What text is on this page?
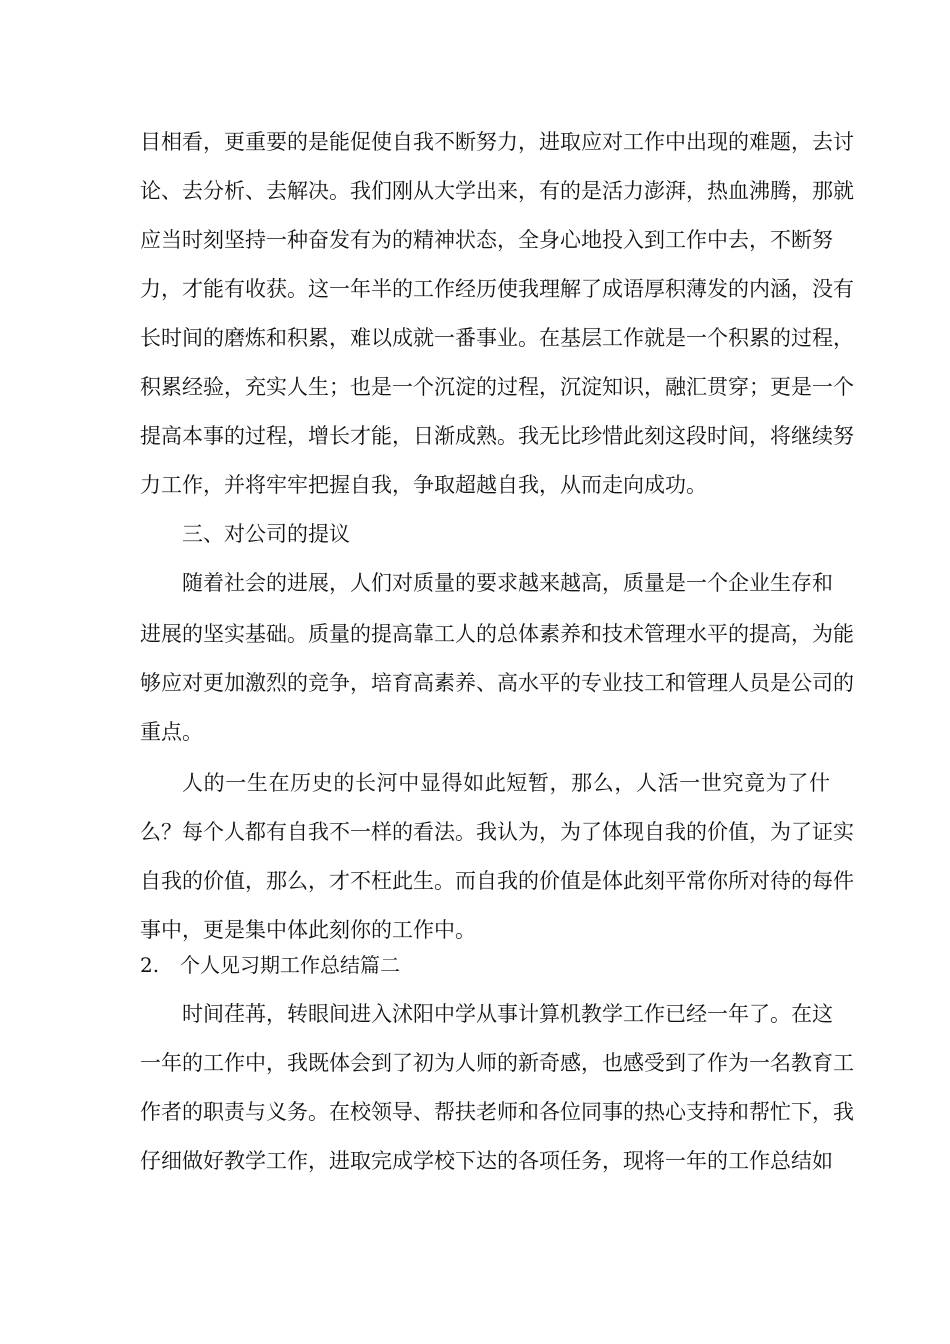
目相看，更重要的是能促使自我不断努力，进取应对工作中出现的难题，去讨
论、去分析、去解决。我们刚从大学出来，有的是活力澎湃，热血沸腾，那就
应当时刻坚持一种奋发有为的精神状态，全身心地投入到工作中去，不断努
力，才能有收获。这一年半的工作经历使我理解了成语厚积薄发的内涵，没有
长时间的磨炼和积累，难以成就一番事业。在基层工作就是一个积累的过程，
积累经验，充实人生；也是一个沉淀的过程，沉淀知识，融汇贯穿；更是一个
提高本事的过程，增长才能，日渐成熟。我无比珍惜此刻这段时间，将继续努
力工作，并将牢牢把握自我，争取超越自我，从而走向成功。
三、对公司的提议
随着社会的进展，人们对质量的要求越来越高，质量是一个企业生存和
进展的坚实基础。质量的提高靠工人的总体素养和技术管理水平的提高，为能
够应对更加激烈的竞争，培育高素养、高水平的专业技工和管理人员是公司的
重点。
人的一生在历史的长河中显得如此短暂，那么，人活一世究竟为了什
么？每个人都有自我不一样的看法。我认为，为了体现自我的价值，为了证实
自我的价值，那么，才不枉此生。而自我的价值是体此刻平常你所对待的每件
事中，更是集中体此刻你的工作中。
2. 个人见习期工作总结篇二
时间荏苒，转眼间进入沭阳中学从事计算机教学工作已经一年了。在这
一年的工作中，我既体会到了初为人师的新奇感，也感受到了作为一名教育工
作者的职责与义务。在校领导、帮扶老师和各位同事的热心支持和帮忙下，我
仔细做好教学工作，进取完成学校下达的各项任务，现将一年的工作总结如
